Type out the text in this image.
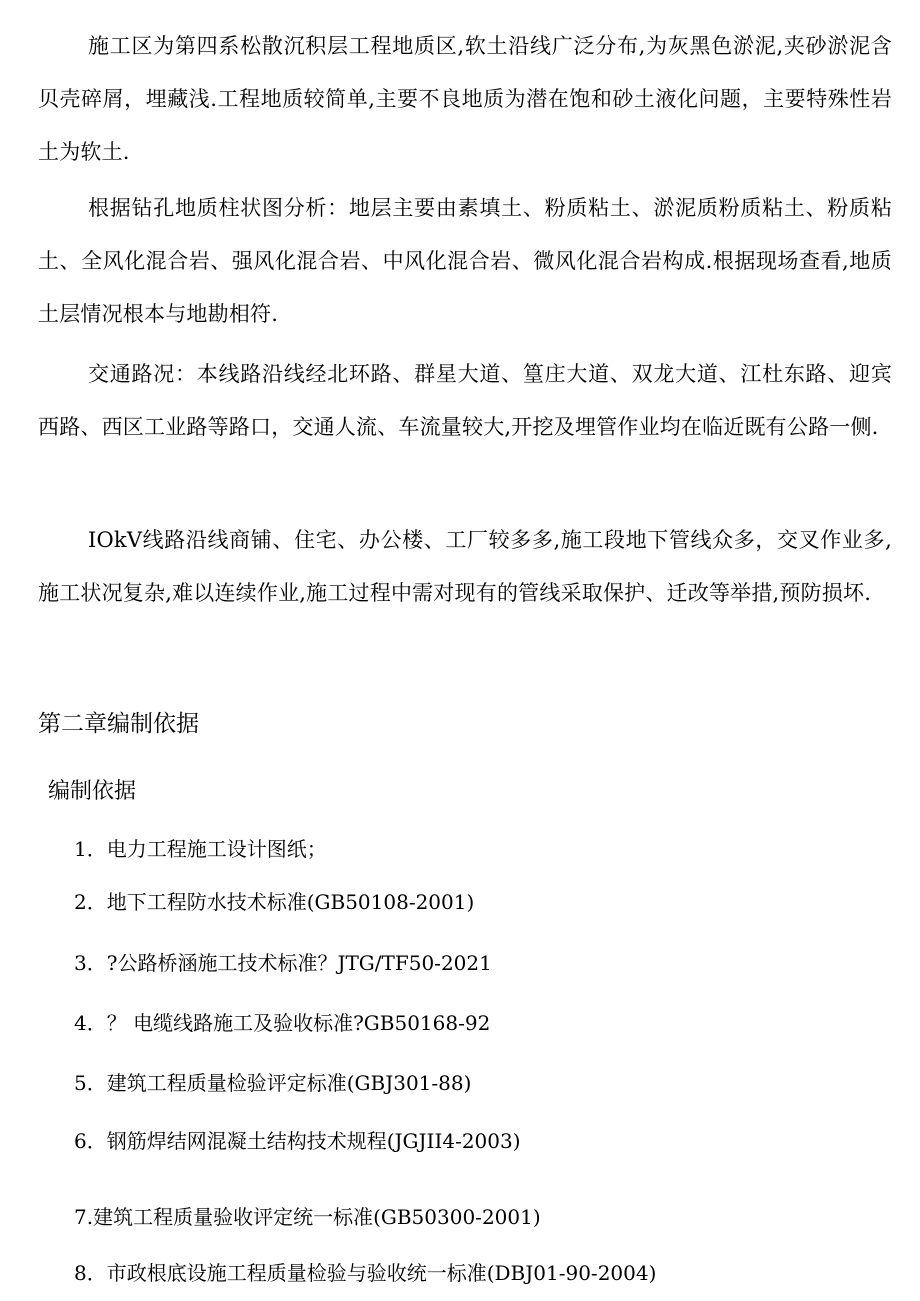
施工区为第四系松散沉积层工程地质区,软土沿线广泛分布,为灰黑色淤泥,夹砂淤泥含贝壳碎屑，埋藏浅.工程地质较简单,主要不良地质为潜在饱和砂土液化问题，主要特殊性岩土为软土.

根据钻孔地质柱状图分析：地层主要由素填土、粉质粘土、淤泥质粉质粘土、粉质粘土、全风化混合岩、强风化混合岩、中风化混合岩、微风化混合岩构成.根据现场查看,地质土层情况根本与地勘相符.

交通路况：本线路沿线经北环路、群星大道、篁庄大道、双龙大道、江杜东路、迎宾西路、西区工业路等路口，交通人流、车流量较大,开挖及埋管作业均在临近既有公路一侧.

IOkV线路沿线商铺、住宅、办公楼、工厂较多多,施工段地下管线众多，交叉作业多,施工状况复杂,难以连续作业,施工过程中需对现有的管线采取保护、迁改等举措,预防损坏.

第二章编制依据
编制依据

1．电力工程施工设计图纸；

2．地下工程防水技术标准(GB50108-2001)

3．?公路桥涵施工技术标准？JTG/TF50-2021

4．？ 电缆线路施工及验收标准?GB50168-92

5．建筑工程质量检验评定标准(GBJ301-88)

6．钢筋焊结网混凝土结构技术规程(JGJII4-2003)

7.建筑工程质量验收评定统一标准(GB50300-2001)

8．市政根底设施工程质量检验与验收统一标准(DBJ01-90-2004)
